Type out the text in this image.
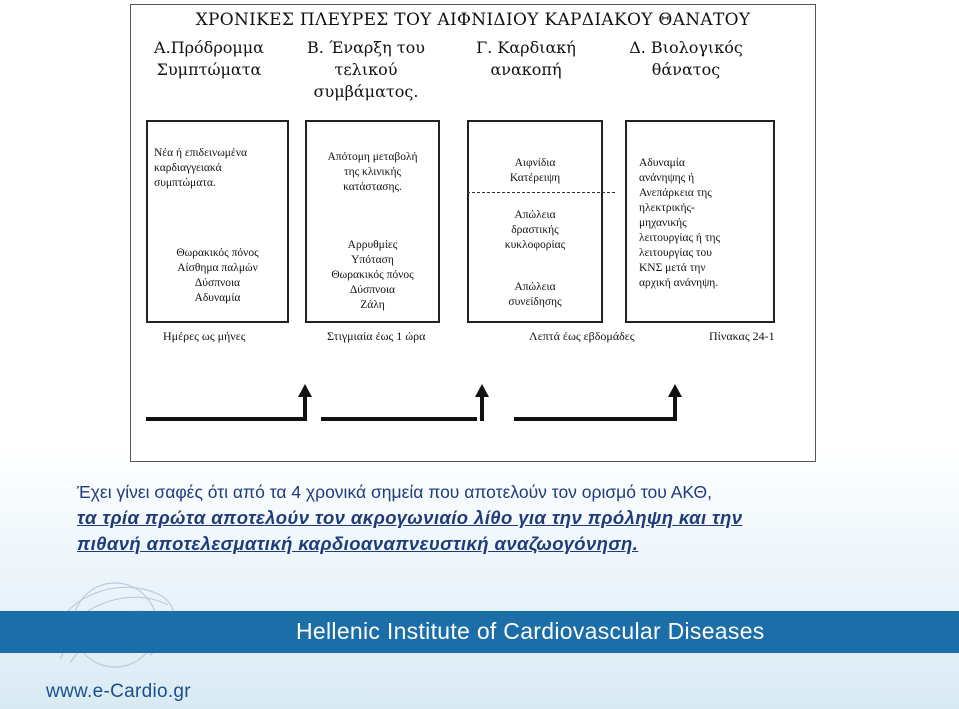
ΧΡΟΝΙΚΕΣ ΠΛΕΥΡΕΣ ΤΟΥ ΑΙΦΝΙΔΙΟΥ ΚΑΡΔΙΑΚΟΥ ΘΑΝΑΤΟΥ
Α.Πρόδρομμα
Συμπτώματα
Β. Έναρξη του
τελικού
συμβάματος.
Γ. Καρδιακή
ανακοπή
Δ. Βιολογικός
θάνατος
Νέα ή επιδεινωμένα
καρδιαγγειακά
συμπτώματα.
Θωρακικός πόνος
Αίσθημα παλμών
Δύσπνοια
Αδυναμία
Απότομη μεταβολή
της κλινικής
κατάστασης.
Αρρυθμίες
Υπόταση
Θωρακικός πόνος
Δύσπνοια
Ζάλη
Αιφνίδια
Κατέρειψη
Απώλεια
δραστικής
κυκλοφορίας
Απώλεια
συνείδησης
Αδυναμία
ανάνηψης ή
Ανεπάρκεια της
ηλεκτρικής-
μηχανικής
λειτουργίας ή της
λειτουργίας του
ΚΝΣ μετά την
αρχική ανάνηψη.
Ημέρες ως μήνες	Στιγμιαία έως 1 ώρα	Λεπτά έως εβδομάδες	Πίνακας 24-1
Έχει γίνει σαφές ότι από τα 4 χρονικά σημεία που αποτελούν τον ορισμό του ΑΚΘ,
τα τρία πρώτα αποτελούν τον ακρογωνιαίο λίθο για την πρόληψη και την
πιθανή αποτελεσματική καρδιοαναπνευστική αναζωογόνηση.
Hellenic Institute of Cardiovascular Diseases
www.e-Cardio.gr
